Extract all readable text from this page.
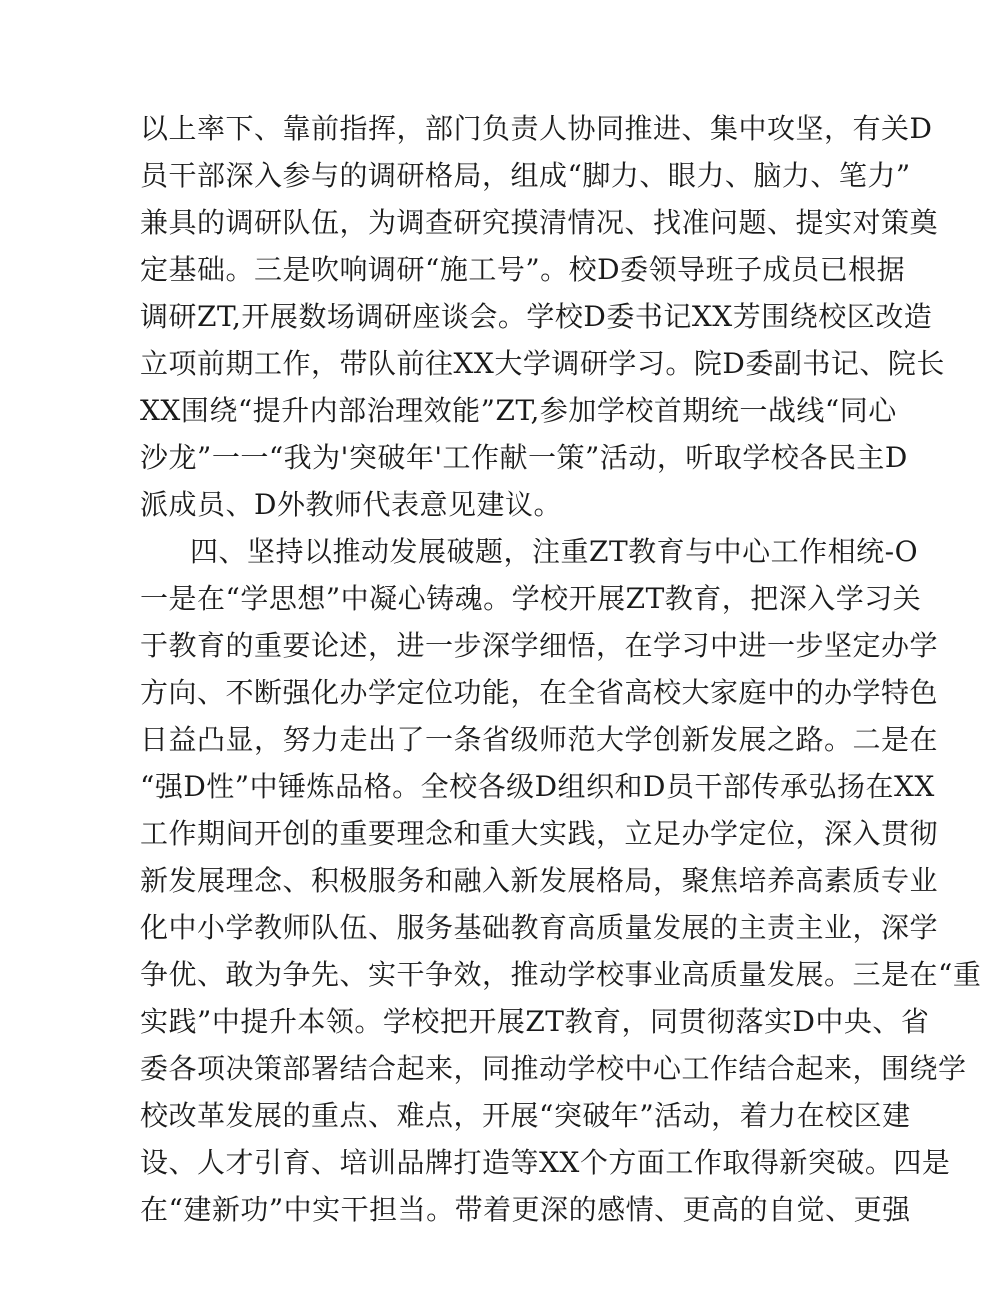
以上率下、靠前指挥，部门负责人协同推进、集中攻坚，有关D
员干部深入参与的调研格局，组成“脚力、眼力、脑力、笔力”
兼具的调研队伍，为调查研究摸清情况、找准问题、提实对策奠
定基础。三是吹响调研“施工号”。校D委领导班子成员已根据
调研ZT,开展数场调研座谈会。学校D委书记XX芳围绕校区改造
立项前期工作，带队前往XX大学调研学习。院D委副书记、院长
XX围绕“提升内部治理效能”ZT,参加学校首期统一战线“同心
沙龙”一一“我为'突破年'工作献一策”活动，听取学校各民主D
派成员、D外教师代表意见建议。
四、坚持以推动发展破题，注重ZT教育与中心工作相统-O
一是在“学思想”中凝心铸魂。学校开展ZT教育，把深入学习关
于教育的重要论述，进一步深学细悟，在学习中进一步坚定办学
方向、不断强化办学定位功能，在全省高校大家庭中的办学特色
日益凸显，努力走出了一条省级师范大学创新发展之路。二是在
“强D性”中锤炼品格。全校各级D组织和D员干部传承弘扬在XX
工作期间开创的重要理念和重大实践，立足办学定位，深入贯彻
新发展理念、积极服务和融入新发展格局，聚焦培养高素质专业
化中小学教师队伍、服务基础教育高质量发展的主责主业，深学
争优、敢为争先、实干争效，推动学校事业高质量发展。三是在“重
实践”中提升本领。学校把开展ZT教育，同贯彻落实D中央、省
委各项决策部署结合起来，同推动学校中心工作结合起来，围绕学
校改革发展的重点、难点，开展“突破年”活动，着力在校区建
设、人才引育、培训品牌打造等XX个方面工作取得新突破。四是
在“建新功”中实干担当。带着更深的感情、更高的自觉、更强
